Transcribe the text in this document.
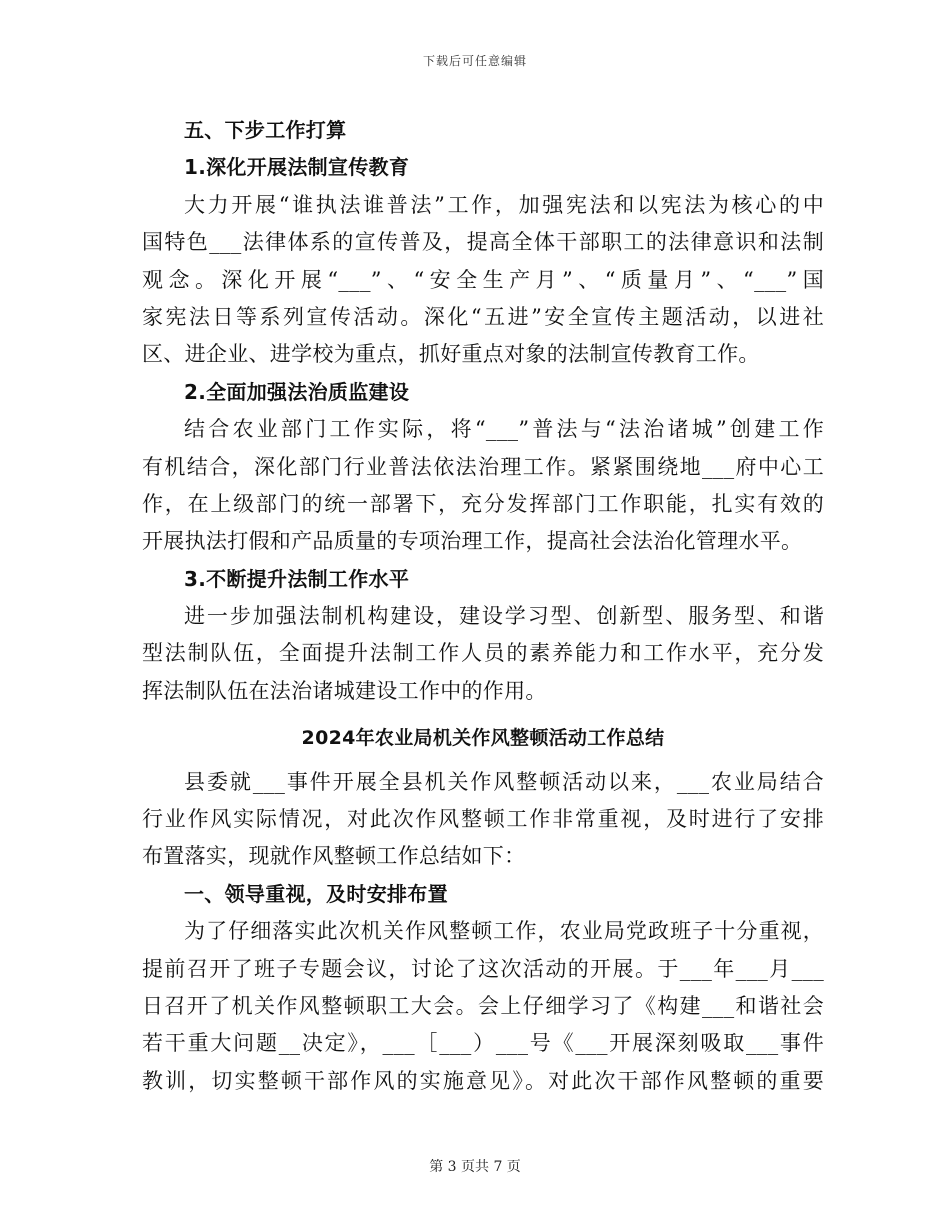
下载后可任意编辑
五、下步工作打算
1.深化开展法制宣传教育
大力开展“谁执法谁普法”工作，加强宪法和以宪法为核心的中
国特色___法律体系的宣传普及，提高全体干部职工的法律意识和法制
观念。深化开展“___”、“安全生产月”、“质量月”、“___”国
家宪法日等系列宣传活动。深化“五进”安全宣传主题活动，以进社
区、进企业、进学校为重点，抓好重点对象的法制宣传教育工作。
2.全面加强法治质监建设
结合农业部门工作实际，将“___”普法与“法治诸城”创建工作
有机结合，深化部门行业普法依法治理工作。紧紧围绕地___府中心工
作，在上级部门的统一部署下，充分发挥部门工作职能，扎实有效的
开展执法打假和产品质量的专项治理工作，提高社会法治化管理水平。
3.不断提升法制工作水平
进一步加强法制机构建设，建设学习型、创新型、服务型、和谐
型法制队伍，全面提升法制工作人员的素养能力和工作水平，充分发
挥法制队伍在法治诸城建设工作中的作用。
2024年农业局机关作风整顿活动工作总结
县委就___事件开展全县机关作风整顿活动以来，___农业局结合
行业作风实际情况，对此次作风整顿工作非常重视，及时进行了安排
布置落实，现就作风整顿工作总结如下：
一、领导重视，及时安排布置
为了仔细落实此次机关作风整顿工作，农业局党政班子十分重视，
提前召开了班子专题会议，讨论了这次活动的开展。于___年___月___
日召开了机关作风整顿职工大会。会上仔细学习了《构建___和谐社会
若干重大问题__决定》，___［___）___号《___开展深刻吸取___事件
教训，切实整顿干部作风的实施意见》。对此次干部作风整顿的重要
第 3 页共 7 页
